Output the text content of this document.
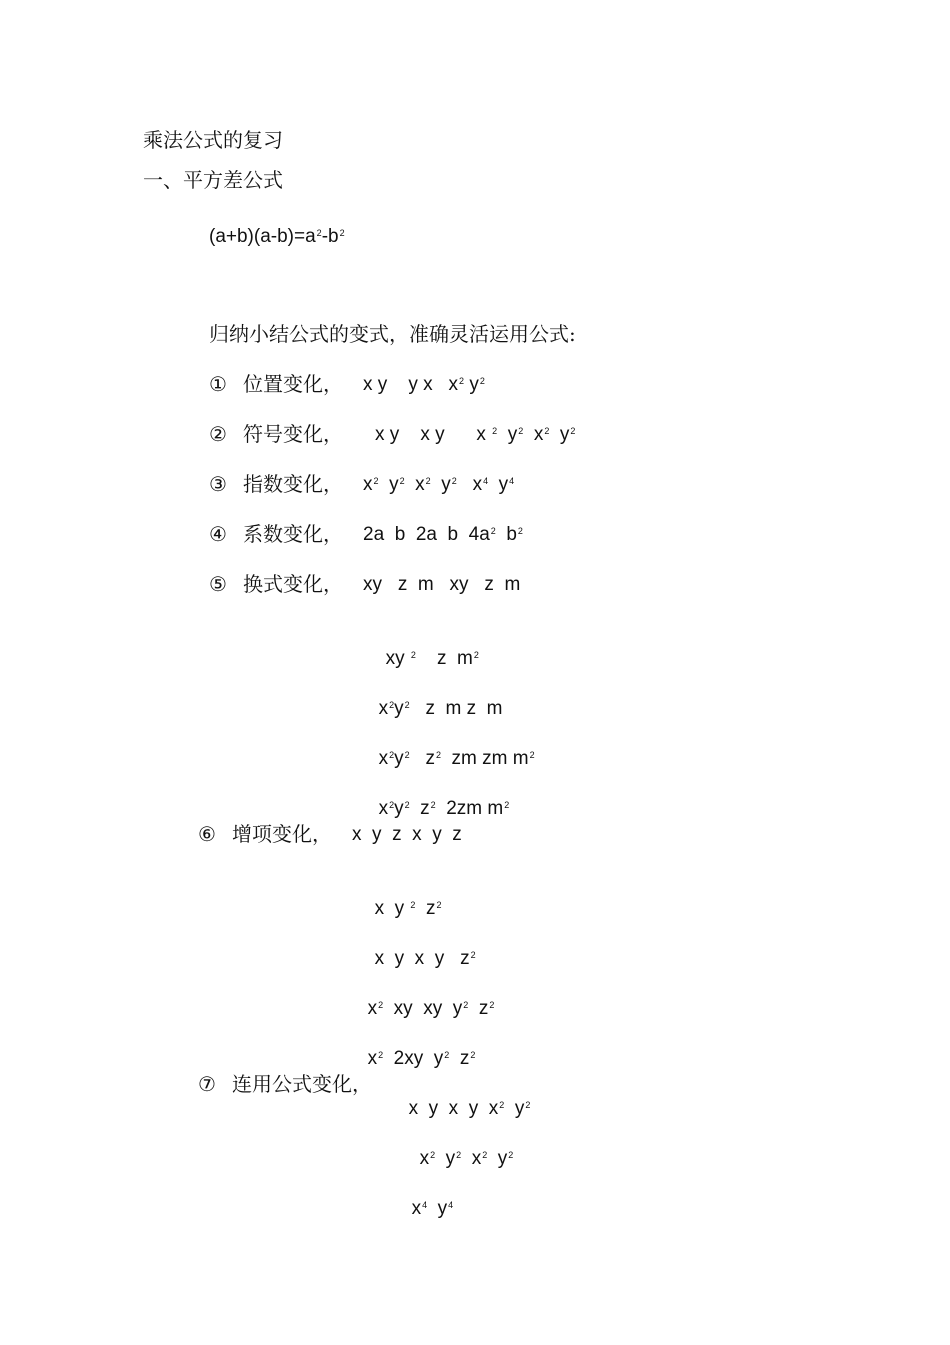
乘法公式的复习
一、平方差公式
$(a+b)(a-b)=a^2-b^2$
归纳小结公式的变式，准确灵活运用公式:
① 位置变化， x y y x $x^2$ $y^2$
② 符号变化， x y x y x $^2$ $y^2$ $x^2$ $y^2$
③ 指数变化， $x^2$ $y^2$ $x^2$ $y^2$ $x^4$ $y^4$
④ 系数变化， 2a  b  2a  b  $4a^2$ $b^2$
⑤ 换式变化， xy   z  m   xy   z  m

xy $^2$ z  $m^2$

$x^2y^2$ z  m z  m

$x^2y^2$ $z^2$ zm zm $m^2$

$x^2y^2$ $z^2$ 2zm $m^2$

⑥ 增项变化， x  y  z  x  y  z

x  y $^2$ $z^2$

x  y  x  y   $z^2$

$x^2$ xy  xy  $y^2$ $z^2$

$x^2$ 2xy  $y^2$ $z^2$

⑦ 连用公式变化，

x  y  x  y  $x^2$ $y^2$

$x^2$ $y^2$ $x^2$ $y^2$

$x^4$ $y^4$
